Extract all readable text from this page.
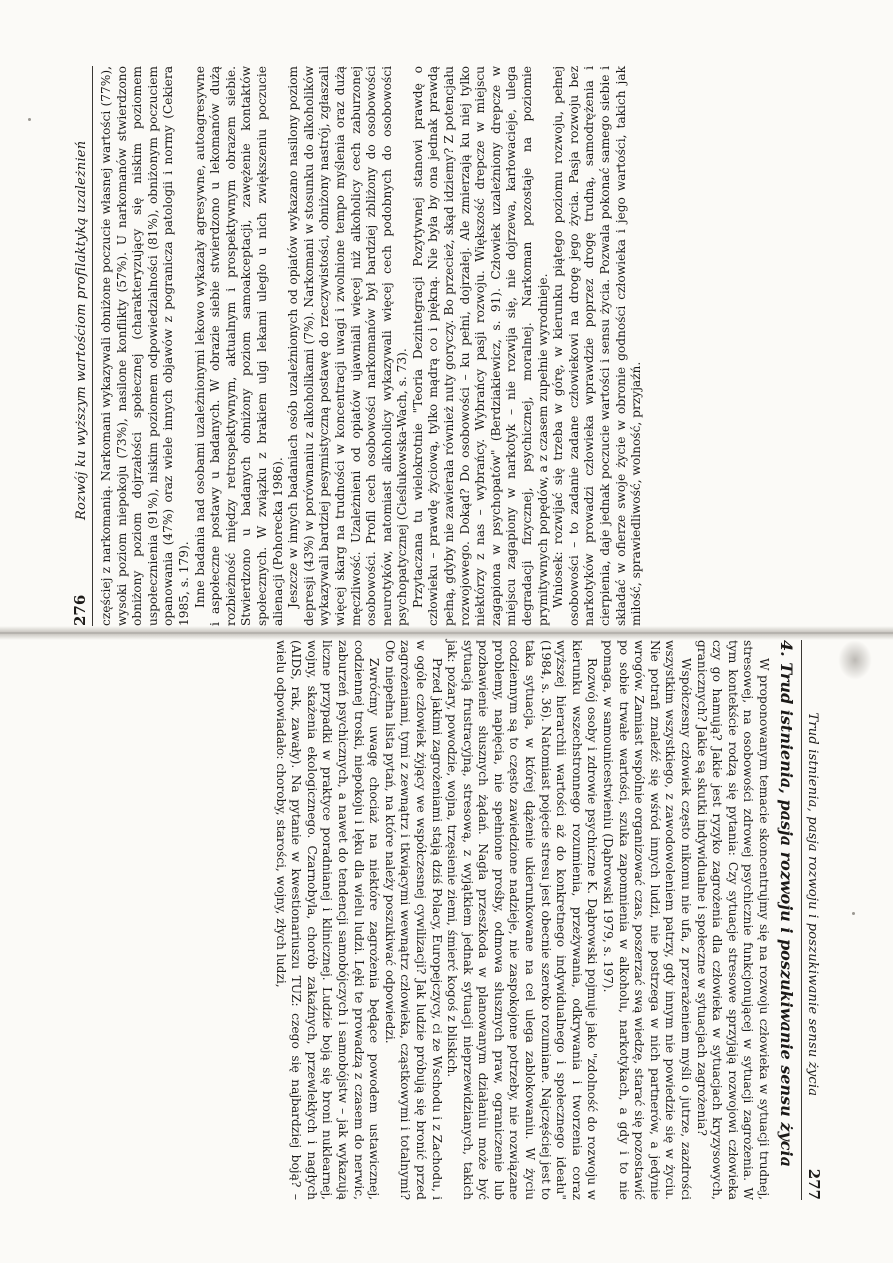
276
Rozwój ku wyższym wartościom profilaktyką uzależnień częściej z narkomanią. Narkomani wykazywali obniżone poczucie własnej wartości (77%), wysoki poziom niepokoju (73%), nasilone konflikty (57%). U narkomanów stwierdzono obniżony poziom dojrzałości społecznej (charakteryzujący się niskim poziomem uspołecznienia (91%), niskim poziomem odpowiedzialności (81%), obniżonym poczuciem opanowania (47%) oraz wiele innych objawów z pogranicza patologii i normy (Cekiera 1985, s. 179). Inne badania nad osobami uzależnionymi lekowo wykazały agresywne, autoagresywne i aspołeczne postawy u badanych. W obrazie siebie stwierdzono u lekomanów dużą rozbieżność między retrospektywnym, aktualnym i prospektywnym obrazem siebie. Stwierdzono u badanych obniżony poziom samoakceptacji, zawężenie kontaktów społecznych. W związku z brakiem ulgi lekami uległo u nich zwiększeniu poczucie alienacji (Pohorecka 1986). Jeszcze w innych badaniach osób uzależnionych od opiatów wykazano nasilony poziom depresji (43%) w porównaniu z alkoholikami (7%). Narkomani w stosunku do alkoholików wykazywali bardziej pesymistyczną postawę do rzeczywistości, obniżony nastrój, zgłaszali więcej skarg na trudności w koncentracji uwagi i zwolnione tempo myślenia oraz dużą męczliwość. Uzależnieni od opiatów ujawniali więcej niż alkoholicy cech zaburzonej osobowości. Profil cech osobowości narkomanów był bardziej zbliżony do osobowości neurotyków, natomiast alkoholicy wykazywali więcej cech podobnych do osobowości psychopatycznej (Cieślukowska-Wach, s. 73). Przytaczana tu wielokrotnie "Teoria Dezintegracji Pozytywnej stanowi prawdę o człowieku – prawdę życiową, tylko mądrą co i piękną. Nie była by ona jednak prawdą pełną, gdyby nie zawierała również nuty goryczy. Bo przecież, skąd idziemy? Z potencjału rozwojowego. Dokąd? Do osobowości – ku pełni, dojrzałej. Ale zmierzają ku niej tylko niektórzy z nas – wybrańcy. Wybrańcy pasji rozwoju. Większość drepcze w miejscu zagapiona w psychopatów" (Berdziakiewicz, s. 91). Człowiek uzależniony drepcze w miejscu zagapiony w narkotyk – nie rozwija się, nie dojrzewa, karłowacieje, ulega degradacji fizycznej, psychicznej, moralnej. Narkoman pozostaje na poziomie prymitywnych popędów, a z czasem zupełnie wyrodnieje. Wniosek: rozwijać się trzeba w górę, w kierunku piątego poziomu rozwoju, pełnej osobowości – to zadanie zadane człowiekowi na drogę jego życia. Pasja rozwoju bez narkotyków prowadzi człowieka wprawdzie poprzez drogę trudną, samodrężenia i cierpienia, daje jednak poczucie wartości i sensu życia. Pozwala pokonać samego siebie i składać w ofierze swoje życie w obronie godności człowieka i jego wartości, takich jak miłość, sprawiedliwość, wolność, przyjaźń.

Trud istnienia, pasja rozwoju i poszukiwanie sensu życia
277
4. Trud istnienia, pasja rozwoju i poszukiwanie sensu życia

W proponowanym temacie skoncentrujmy się na rozwoju człowieka w sytuacji trudnej, stresowej, na osobowości zdrowej psychicznie funkcjonującej w sytuacji zagrożenia. W tym kontekście rodzą się pytania: Czy sytuacje stresowe sprzyjają rozwojowi człowieka czy go hamują? Jakie jest ryzyko zagrożenia dla człowieka w sytuacjach kryzysowych, granicznych? Jakie są skutki indywidualne i społeczne w sytuacjach zagrożenia?

Współczesny człowiek często nikomu nie ufa, z przerażeniem myśli o jutrze, zazdrości wszystkim wszystkiego, z zawodowoleniem patrzy, gdy innym nie powiedzie się w życiu. Nie potrafi znaleźć się wśród innych ludzi, nie postrzega w nich partnerów, a jedynie wrogów. Zamiast wspólnie organizować czas, poszerzać swą wiedzę, starać się pozostawić po sobie trwałe wartości, szuka zapomnienia w alkoholu, narkotykach, a gdy i to nie pomaga, w samounicestwieniu (Dąbrowski 1979, s. 197).

Rozwój osoby i zdrowie psychiczne K. Dąbrowski pojmuje jako "zdolność do rozwoju w kierunku wszechstronnego rozumienia, przeżywania, odkrywania i tworzenia coraz wyższej hierarchii wartości aż do konkretnego indywidualnego i społecznego ideału" (1984, s. 36). Natomiast pojęcie stresu jest obecnie szeroko rozumiane. Najczęściej jest to taka sytuacja, w której dążenie ukierunkowane na cel ulega zablokowaniu. W życiu codziennym są to często zawiedzione nadzieje, nie zaspokojone potrzeby, nie rozwiązane problemy, napięcia, nie spełnione prośby, odmowa słusznych praw, ograniczenie lub pozbawienie słusznych żądań. Nagła przeszkoda w planowanym działaniu może być sytuacją frustracyjną, stresową, z wyjątkiem jednak sytuacji nieprzewidzianych, takich jak: pożary, powodzie, wojna, trzęsienie ziemi, śmierć kogoś z bliskich.

Przed jakimi zagrożeniami stają dziś Polacy, Europejczycy, ci ze Wschodu i z Zachodu, i w ogóle człowiek żyjący we współczesnej cywilizacji? Jak ludzie próbują się bronić przed zagrożeniami, tymi z zewnątrz i tkwiącymi wewnątrz człowieka, cząstkowymi i totalnymi? Oto niepełna lista pytań, na które należy poszukiwać odpowiedzi.

Zwróćmy uwagę chociaż na niektóre zagrożenia będące powodem ustawicznej, codziennej troski, niepokoju i lęku dla wielu ludzi. Lęki te prowadzą z czasem do nerwic, zaburzeń psychicznych, a nawet do tendencji samobójczych i samobójstw – jak wykazują liczne przypadki w praktyce poradnianej i klinicznej. Ludzie boją się broni nuklearnej, wojny, skażenia ekologicznego. Czarnobyla, chorób zakaźnych, przewlekłych i nagłych (AIDS, rak, zawały). Na pytanie w kwestionariuszu TUZ: czego się najbardziej boją? – wielu odpowiadało: choroby, starości, wojny, złych ludzi,
